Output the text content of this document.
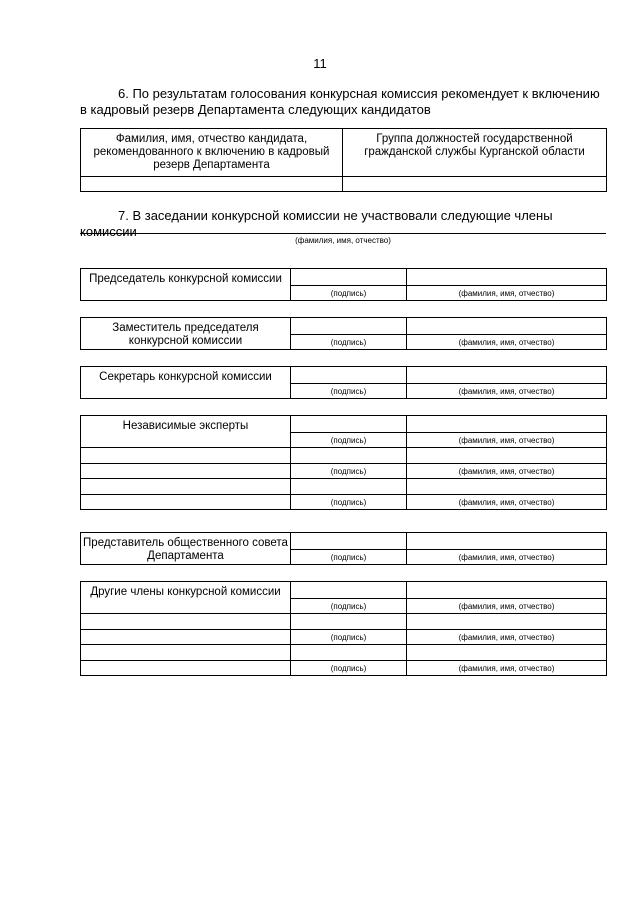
11
6. По результатам голосования конкурсная комиссия рекомендует к включению в кадровый резерв Департамента следующих кандидатов
Фамилия, имя, отчество кандидата, рекомендованного к включению в кадровый резерв Департамента	Группа должностей государственной гражданской службы Курганской области

7. В заседании конкурсной комиссии не участвовали следующие члены комиссии
(фамилия, имя, отчество)
Председатель конкурсной комиссии		
	(подпись)	(фамилия, имя, отчество)
Заместитель председателя конкурсной комиссии		
	(подпись)	(фамилия, имя, отчество)
Секретарь конкурсной комиссии		
	(подпись)	(фамилия, имя, отчество)
Независимые эксперты		
	(подпись)	(фамилия, имя, отчество)

	(подпись)	(фамилия, имя, отчество)

	(подпись)	(фамилия, имя, отчество)
Представитель общественного совета Департамента		
	(подпись)	(фамилия, имя, отчество)
Другие члены конкурсной комиссии		
	(подпись)	(фамилия, имя, отчество)

	(подпись)	(фамилия, имя, отчество)

	(подпись)	(фамилия, имя, отчество)
